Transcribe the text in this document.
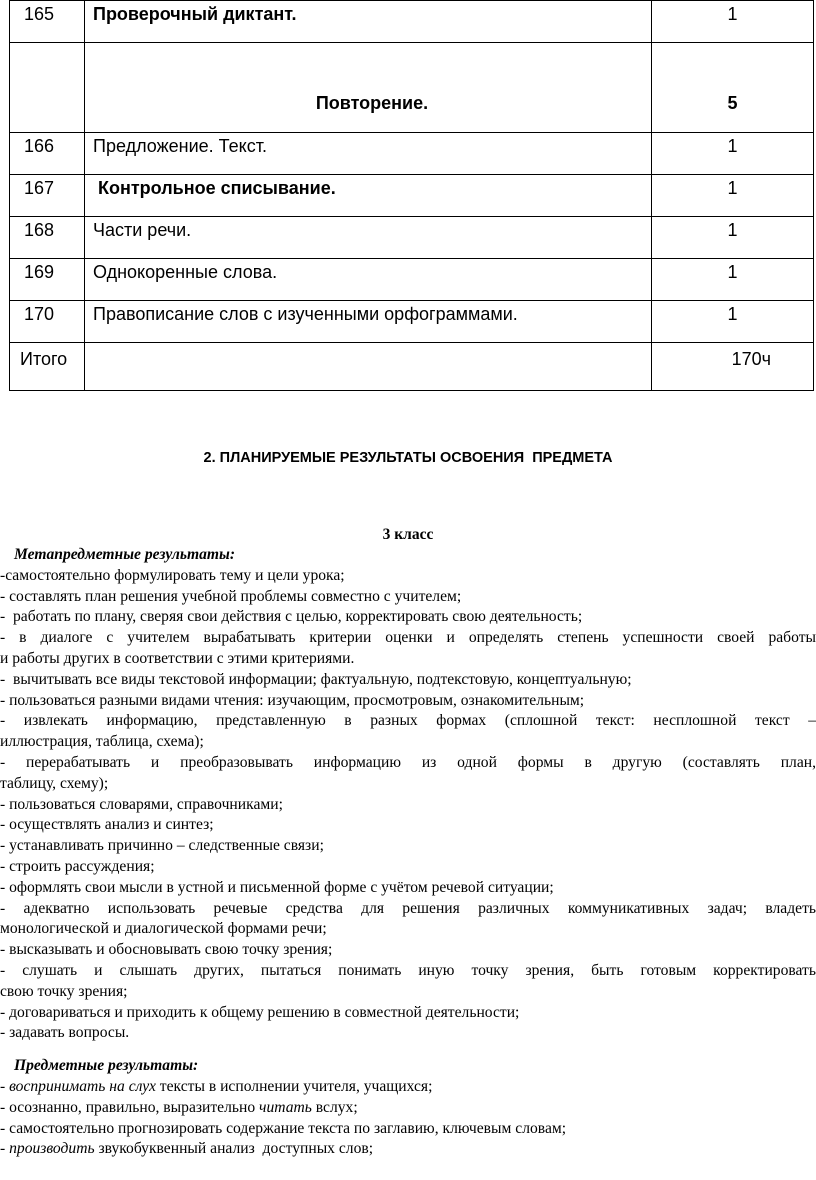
165	Проверочный диктант.	1
	Повторение.	5
166	Предложение. Текст.	1
167	Контрольное списывание.	1
168	Части речи.	1
169	Однокоренные слова.	1
170	Правописание слов с изученными орфограммами.	1
Итого		170ч
2. ПЛАНИРУЕМЫЕ РЕЗУЛЬТАТЫ ОСВОЕНИЯ  ПРЕДМЕТА
3 класс
Метапредметные результаты:
-самостоятельно формулировать тему и цели урока;
- составлять план решения учебной проблемы совместно с учителем;
-  работать по плану, сверяя свои действия с целью, корректировать свою деятельность;
- в диалоге с учителем вырабатывать критерии оценки и определять степень успешности своей работы
и работы других в соответствии с этими критериями.
-  вычитывать все виды текстовой информации; фактуальную, подтекстовую, концептуальную;
- пользоваться разными видами чтения: изучающим, просмотровым, ознакомительным;
- извлекать информацию, представленную в разных формах (сплошной текст: несплошной текст –
иллюстрация, таблица, схема);
- перерабатывать и преобразовывать информацию из одной формы в другую (составлять план,
таблицу, схему);
- пользоваться словарями, справочниками;
- осуществлять анализ и синтез;
- устанавливать причинно – следственные связи;
- строить рассуждения;
- оформлять свои мысли в устной и письменной форме с учётом речевой ситуации;
- адекватно использовать речевые средства для решения различных коммуникативных задач; владеть
монологической и диалогической формами речи;
- высказывать и обосновывать свою точку зрения;
- слушать и слышать других, пытаться понимать иную точку зрения, быть готовым корректировать
свою точку зрения;
- договариваться и приходить к общему решению в совместной деятельности;
- задавать вопросы.
Предметные результаты:
- воспринимать на слух тексты в исполнении учителя, учащихся;
- осознанно, правильно, выразительно читать вслух;
- самостоятельно прогнозировать содержание текста по заглавию, ключевым словам;
- производить звукобуквенный анализ  доступных слов;
